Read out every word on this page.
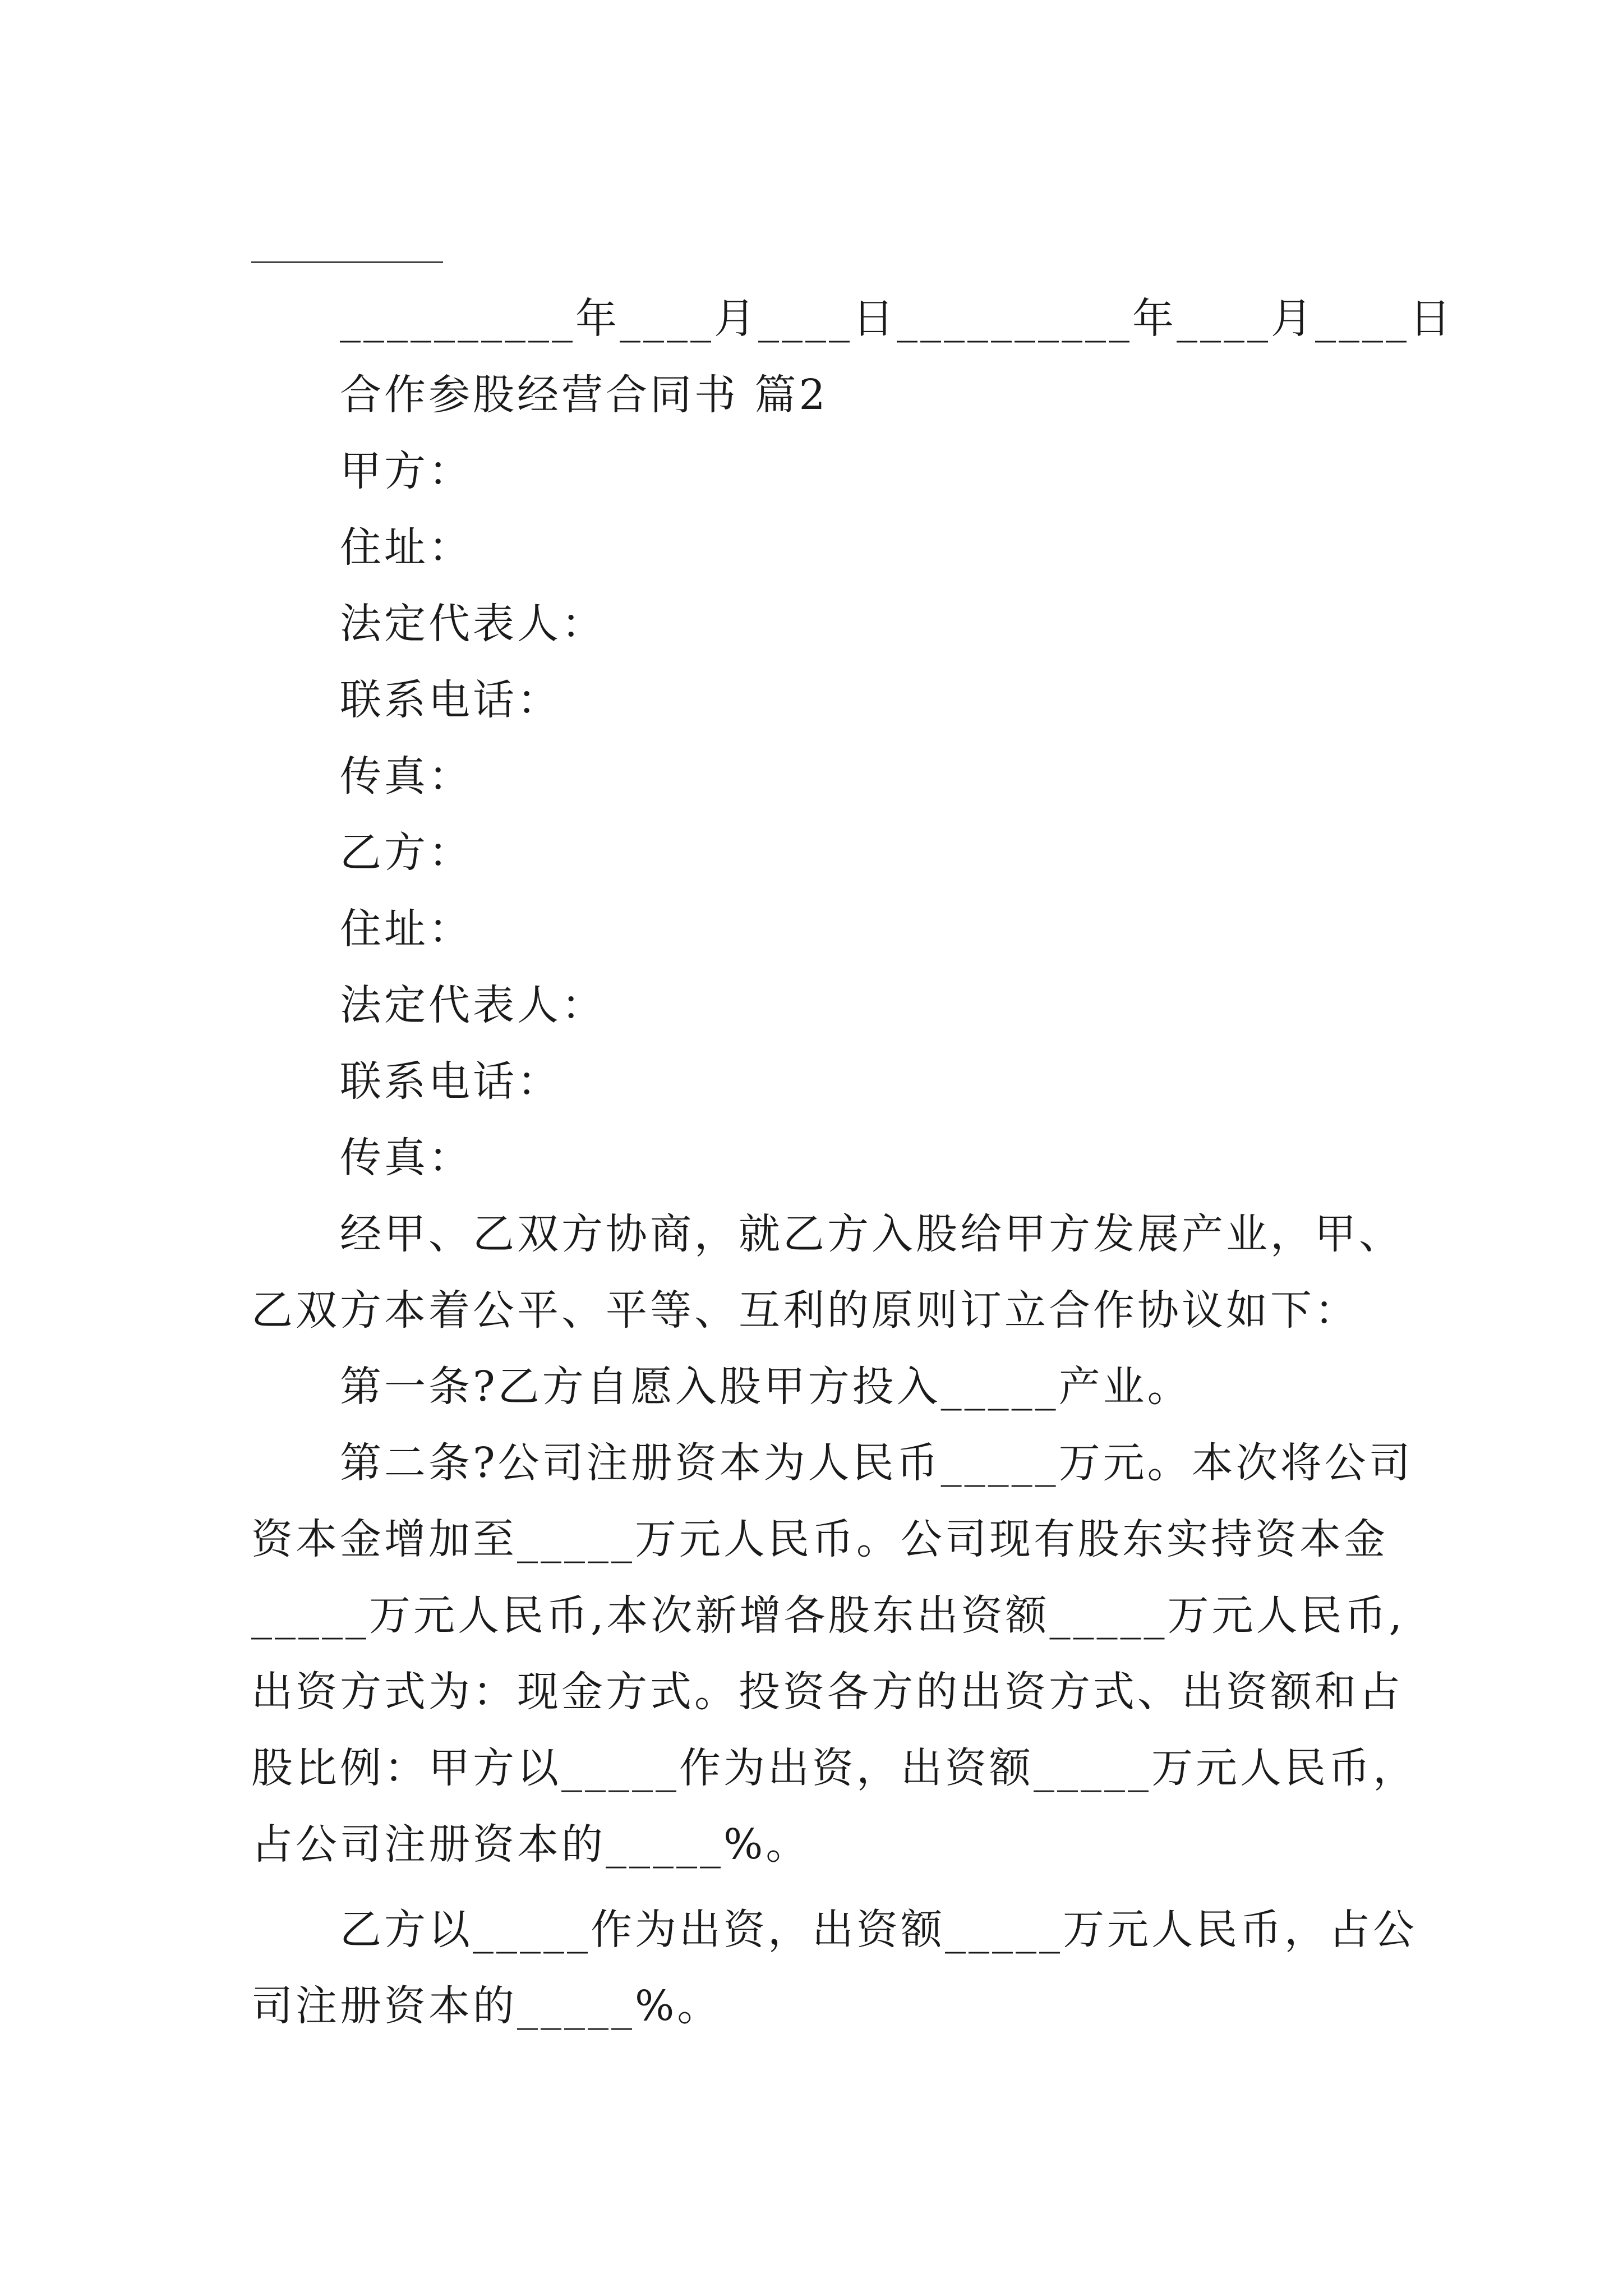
__________年____月____日__________年____月____日
合作参股经营合同书 篇2
甲方：
住址：
法定代表人：
联系电话：
传真：
乙方：
住址：
法定代表人：
联系电话：
传真：
经甲、乙双方协商，就乙方入股给甲方发展产业，甲、
乙双方本着公平、平等、互利的原则订立合作协议如下：
第一条?乙方自愿入股甲方投入_____产业。
第二条?公司注册资本为人民币_____万元。本次将公司
资本金增加至_____万元人民币。公司现有股东实持资本金
_____万元人民币,本次新增各股东出资额_____万元人民币,
出资方式为：现金方式。投资各方的出资方式、出资额和占
股比例：甲方以_____作为出资，出资额_____万元人民币，
占公司注册资本的_____%。
乙方以_____作为出资，出资额_____万元人民币，占公
司注册资本的_____%。
